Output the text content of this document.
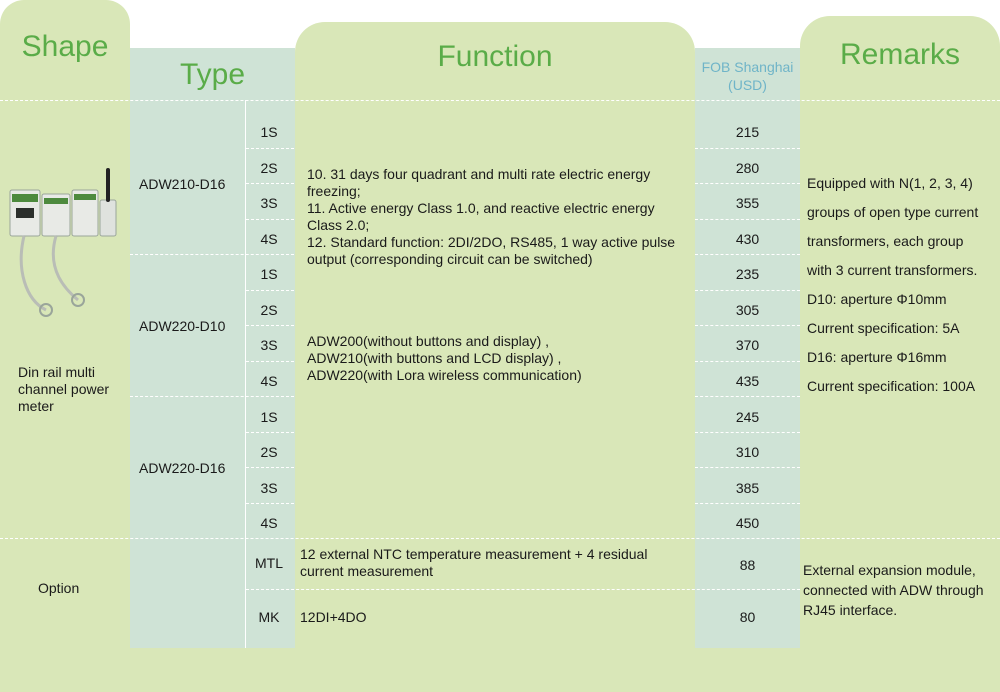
Shape
Type
Function	FOB Shanghai (USD)
Remarks
Din rail multi channel power meter
Option
ADW210-D16
ADW220-D10
ADW220-D16
1S
2S
3S
4S
1S
2S
3S
4S
1S
2S
3S
4S
MTL
MK
10. 31 days four quadrant and multi rate electric energy freezing;
11. Active energy Class 1.0, and reactive electric energy Class 2.0;
12. Standard function: 2DI/2DO, RS485, 1 way active pulse output (corresponding circuit can be switched)
ADW200(without buttons and display) ,
ADW210(with buttons and LCD display) ,
ADW220(with Lora wireless communication)
12 external NTC temperature measurement + 4 residual current measurement
12DI+4DO
215
280
355
430
235
305
370
435
245
310
385
450
88
80
Equipped with N(1, 2, 3, 4)
groups of open type current
transformers, each group
with 3 current transformers.
D10: aperture Φ10mm
Current specification: 5A
D16: aperture Φ16mm
Current specification: 100A
External expansion module, connected with ADW through RJ45 interface.
